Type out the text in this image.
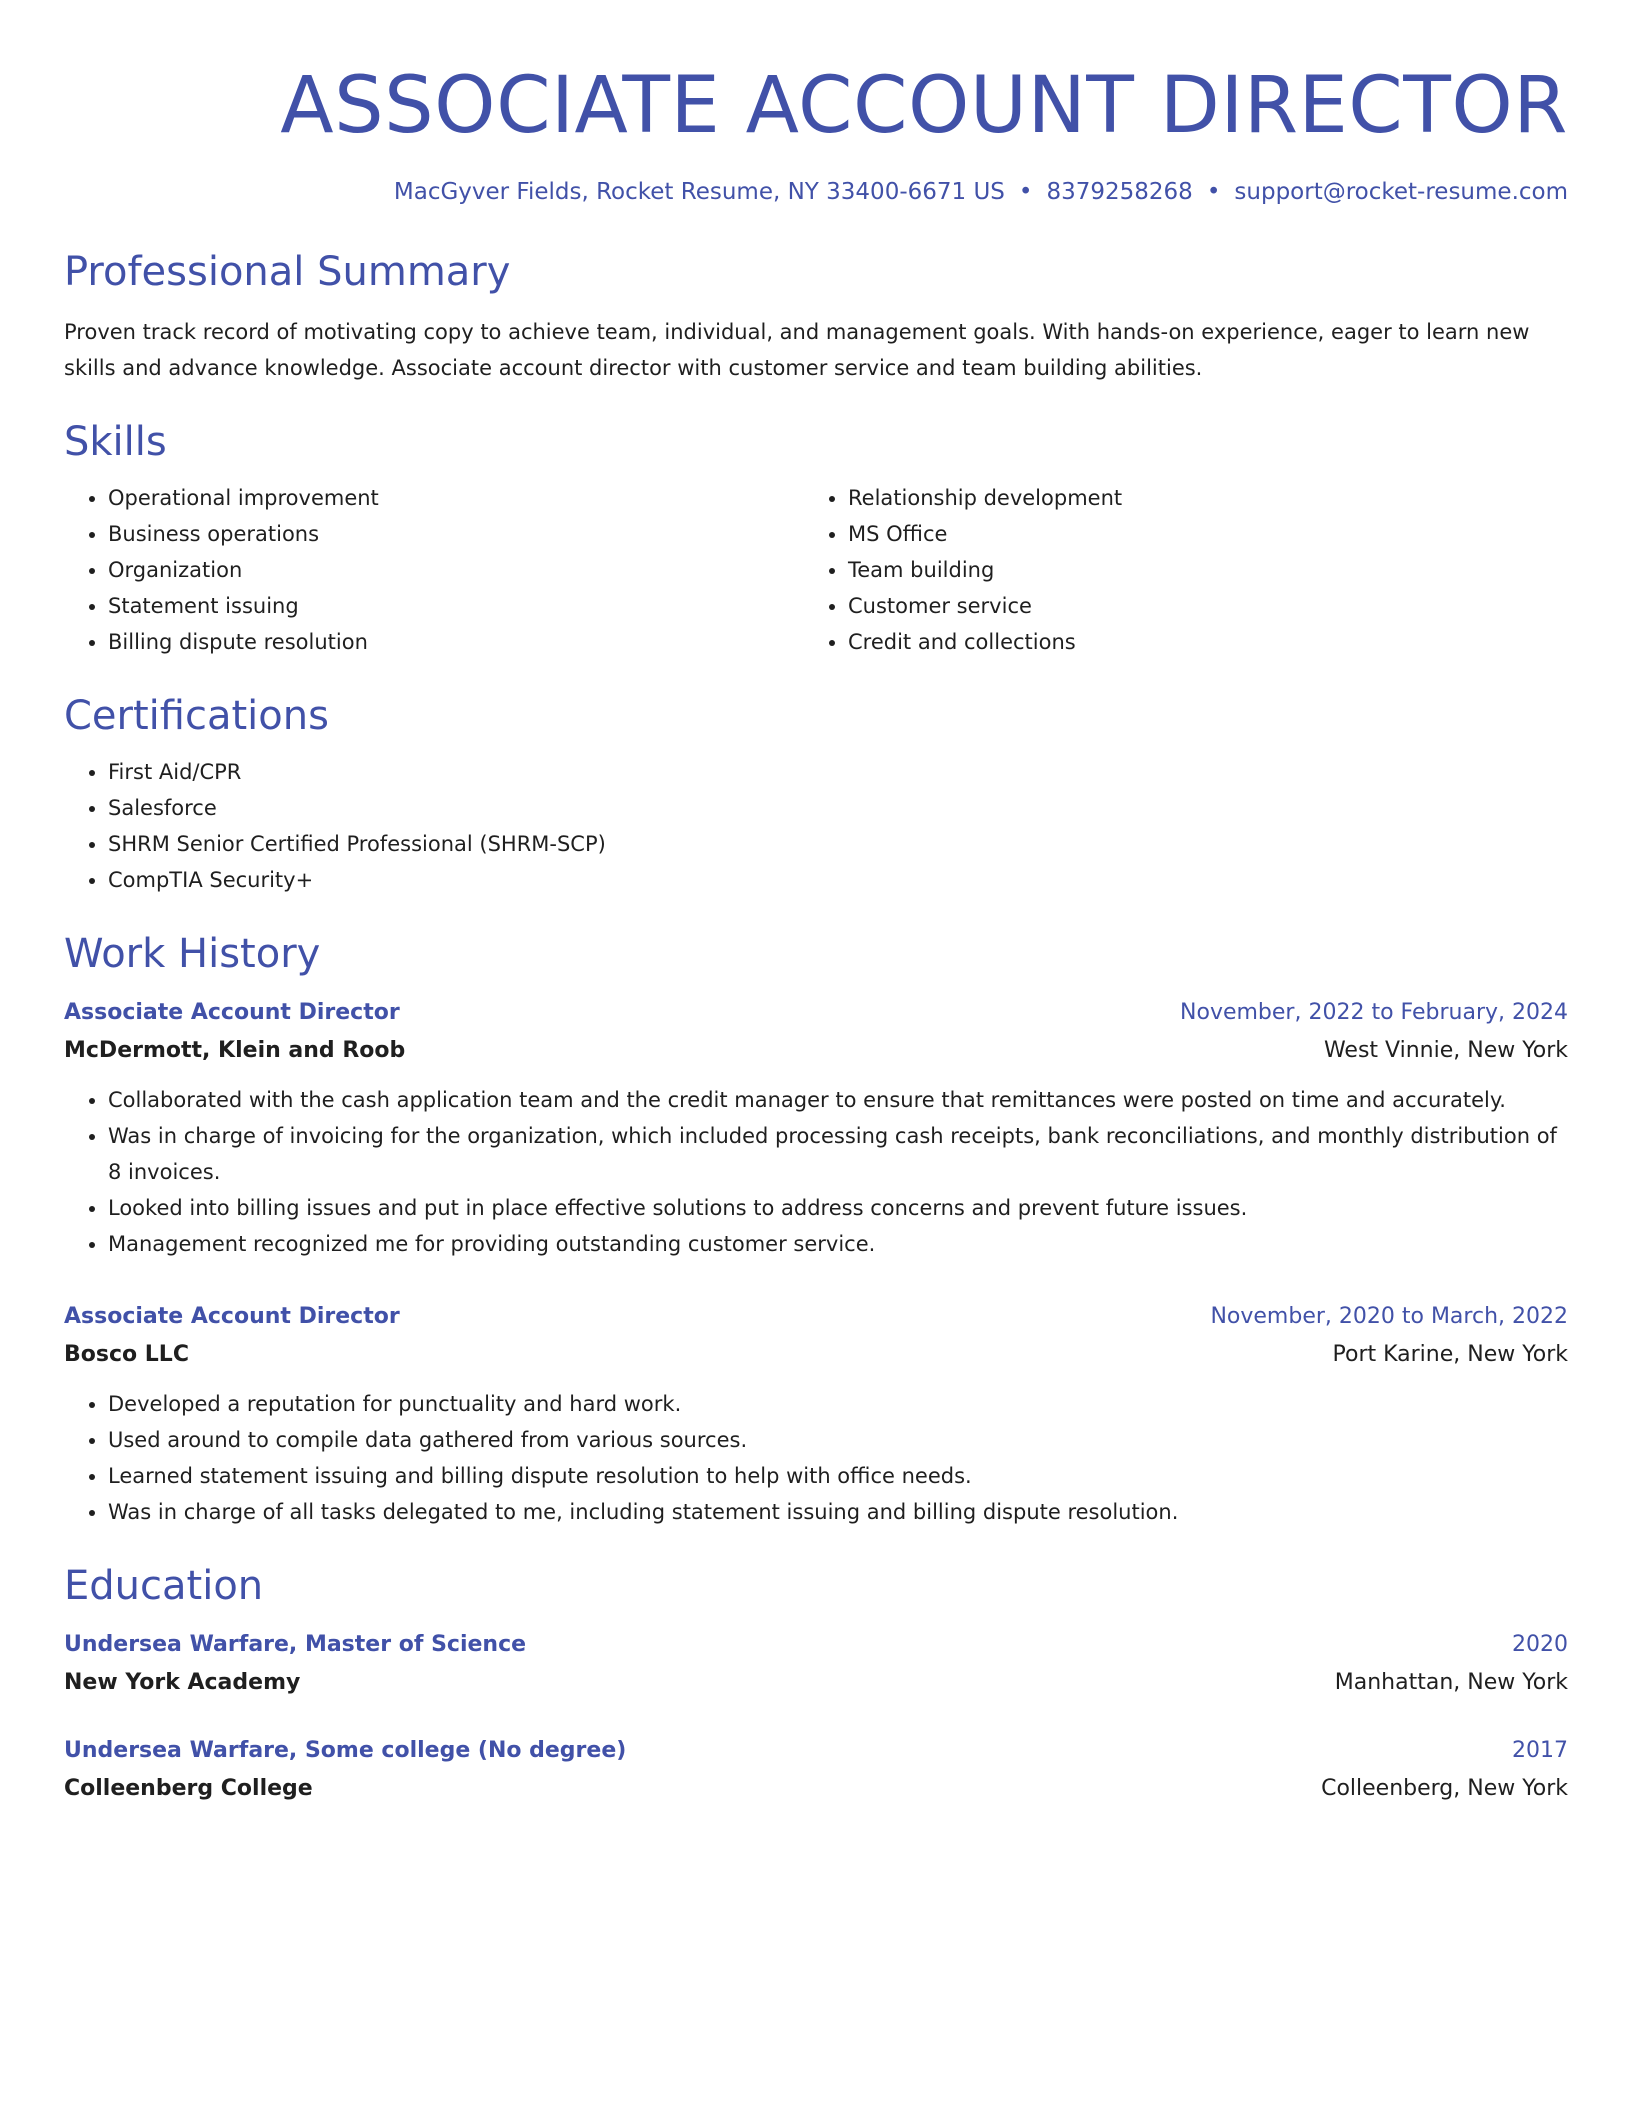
ASSOCIATE ACCOUNT DIRECTOR
MacGyver Fields, Rocket Resume, NY 33400-6671 US • 8379258268 • support@rocket-resume.com
Professional Summary
Proven track record of motivating copy to achieve team, individual, and management goals. With hands-on experience, eager to learn new skills and advance knowledge. Associate account director with customer service and team building abilities.
Skills
• Operational improvement
• Business operations
• Organization
• Statement issuing
• Billing dispute resolution
• Relationship development
• MS Office
• Team building
• Customer service
• Credit and collections
Certifications
• First Aid/CPR
• Salesforce
• SHRM Senior Certified Professional (SHRM-SCP)
• CompTIA Security+
Work History
Associate Account Director	November, 2022 to February, 2024
McDermott, Klein and Roob	West Vinnie, New York
• Collaborated with the cash application team and the credit manager to ensure that remittances were posted on time and accurately.
• Was in charge of invoicing for the organization, which included processing cash receipts, bank reconciliations, and monthly distribution of 8 invoices.
• Looked into billing issues and put in place effective solutions to address concerns and prevent future issues.
• Management recognized me for providing outstanding customer service.
Associate Account Director	November, 2020 to March, 2022
Bosco LLC	Port Karine, New York
• Developed a reputation for punctuality and hard work.
• Used around to compile data gathered from various sources.
• Learned statement issuing and billing dispute resolution to help with office needs.
• Was in charge of all tasks delegated to me, including statement issuing and billing dispute resolution.
Education
Undersea Warfare, Master of Science	2020
New York Academy	Manhattan, New York
Undersea Warfare, Some college (No degree)	2017
Colleenberg College	Colleenberg, New York
